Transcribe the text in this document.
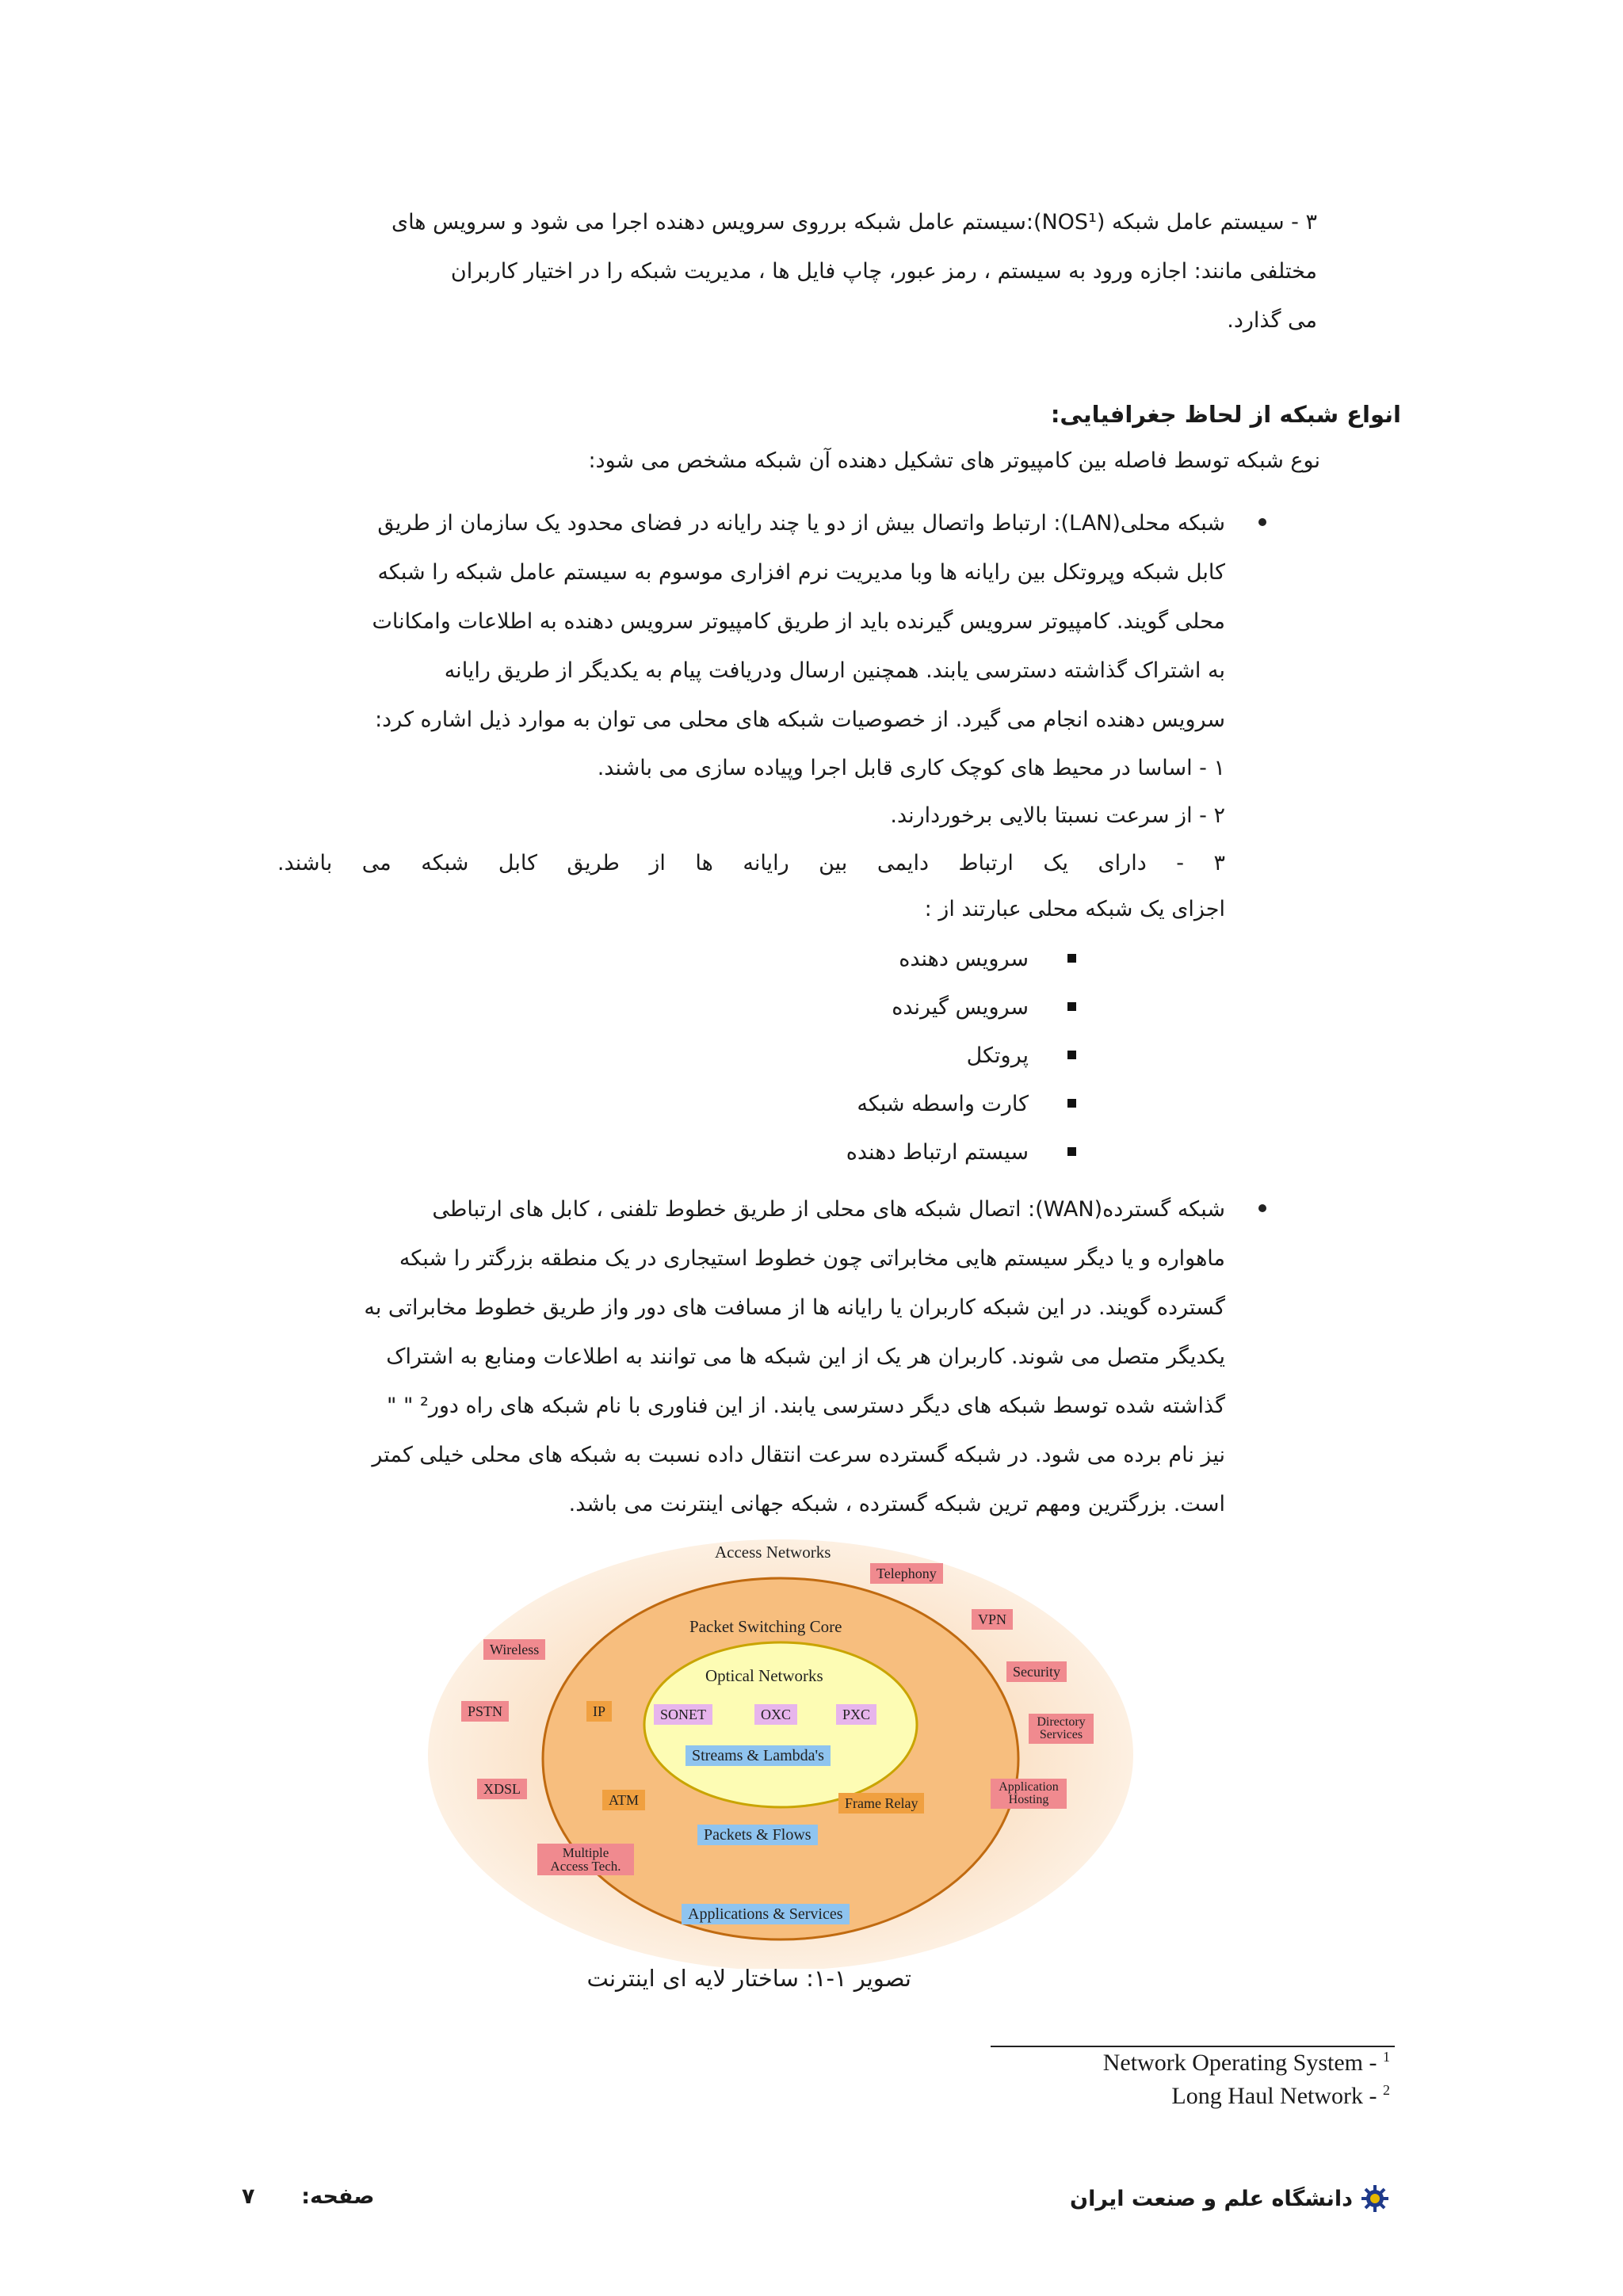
۳ - سیستم عامل شبکه (NOS¹):سیستم عامل شبکه برروی سرویس دهنده اجرا می شود و سرویس های
مختلفی مانند: اجازه ورود به سیستم ، رمز عبور، چاپ فایل ها ، مدیریت شبکه را در اختیار کاربران
می گذارد.
انواع شبکه از لحاظ جغرافیایی:
نوع شبکه توسط فاصله بین کامپیوتر های تشکیل دهنده آن شبکه مشخص می شود:
شبکه محلی(LAN): ارتباط واتصال بیش از دو یا چند رایانه در فضای محدود یک سازمان از طریق
کابل شبکه وپروتکل بین رایانه ها وبا مدیریت نرم افزاری موسوم به سیستم عامل شبکه را شبکه
محلی گویند. کامپیوتر سرویس گیرنده باید از طریق کامپیوتر سرویس دهنده به اطلاعات وامکانات
به اشتراک گذاشته دسترسی یابند. همچنین ارسال ودریافت پیام به یکدیگر از طریق رایانه
سرویس دهنده انجام می گیرد. از خصوصیات شبکه های محلی می توان به موارد ذیل اشاره کرد:
۱ - اساسا در محیط های کوچک کاری قابل اجرا وپیاده سازی می باشند.
۲ - از سرعت نسبتا بالایی برخوردارند.
۳ - دارای یک ارتباط دایمی بین رایانه ها از طریق کابل شبکه می باشند.
اجزای یک شبکه محلی عبارتند از :
سرویس دهنده
سرویس گیرنده
پروتکل
کارت واسطه شبکه
سیستم ارتباط دهنده
شبکه گسترده(WAN): اتصال شبکه های محلی از طریق خطوط تلفنی ، کابل های ارتباطی
ماهواره و یا دیگر سیستم هایی مخابراتی چون خطوط استیجاری در یک منطقه بزرگتر را شبکه
گسترده گویند. در این شبکه کاربران یا رایانه ها از مسافت های دور واز طریق خطوط مخابراتی به
یکدیگر متصل می شوند. کاربران هر یک از این شبکه ها می توانند به اطلاعات ومنابع به اشتراک
گذاشته شده توسط شبکه های دیگر دسترسی یابند. از این فناوری با نام شبکه های راه دور² " "
نیز نام برده می شود. در شبکه گسترده سرعت انتقال داده نسبت به شبکه های محلی خیلی کمتر
است. بزرگترین ومهم ترین شبکه گسترده ، شبکه جهانی اینترنت می باشد.
Access Networks
Packet Switching Core
Optical Networks
SONET	OXC	PXC
Streams & Lambda's
IP
ATM	Frame Relay
Packets & Flows
Applications & Services
Telephony
VPN
Security
Directory Services
Application Hosting
Wireless
PSTN
XDSL
Multiple Access Tech.
تصویر ۱-۱: ساختار لایه ای اینترنت
Network Operating System - $^1$
Long Haul Network - $^2$
دانشگاه علم و صنعت ایران
صفحه:  ۷
